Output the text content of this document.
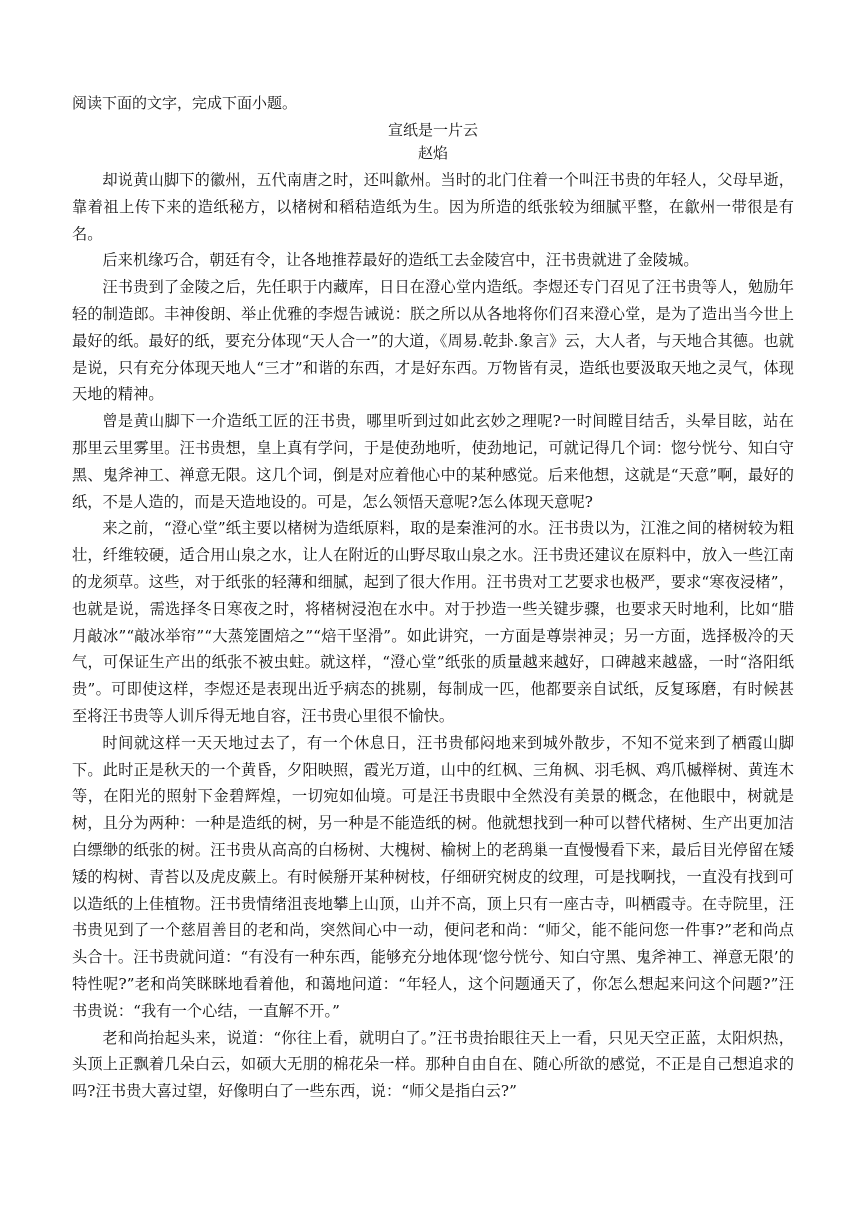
阅读下面的文字，完成下面小题。

宣纸是一片云

赵焰

却说黄山脚下的徽州，五代南唐之时，还叫歙州。当时的北门住着一个叫汪书贵的年轻人，父母早逝，靠着祖上传下来的造纸秘方，以楮树和稻秸造纸为生。因为所造的纸张较为细腻平整，在歙州一带很是有名。

后来机缘巧合，朝廷有令，让各地推荐最好的造纸工去金陵宫中，汪书贵就进了金陵城。

汪书贵到了金陵之后，先任职于内藏库，日日在澄心堂内造纸。李煜还专门召见了汪书贵等人，勉励年轻的制造郎。丰神俊朗、举止优雅的李煜告诫说：朕之所以从各地将你们召来澄心堂，是为了造出当今世上最好的纸。最好的纸，要充分体现“天人合一”的大道，《周易.乾卦.象言》云，大人者，与天地合其德。也就是说，只有充分体现天地人“三才”和谐的东西，才是好东西。万物皆有灵，造纸也要汲取天地之灵气，体现天地的精神。

曾是黄山脚下一介造纸工匠的汪书贵，哪里听到过如此玄妙之理呢?一时间瞠目结舌，头晕目眩，站在那里云里雾里。汪书贵想，皇上真有学问，于是使劲地听，使劲地记，可就记得几个词：惚兮恍兮、知白守黑、鬼斧神工、禅意无限。这几个词，倒是对应着他心中的某种感觉。后来他想，这就是“天意”啊，最好的纸，不是人造的，而是天造地设的。可是，怎么领悟天意呢?怎么体现天意呢?

来之前，“澄心堂”纸主要以楮树为造纸原料，取的是秦淮河的水。汪书贵以为，江淮之间的楮树较为粗壮，纤维较硬，适合用山泉之水，让人在附近的山野尽取山泉之水。汪书贵还建议在原料中，放入一些江南的龙须草。这些，对于纸张的轻薄和细腻，起到了很大作用。汪书贵对工艺要求也极严，要求“寒夜浸楮”，也就是说，需选择冬日寒夜之时，将楮树浸泡在水中。对于抄造一些关键步骤，也要求天时地利，比如“腊月敲冰”“敲冰举帘”“大蒸笼圊焙之”“焙干坚滑”。如此讲究，一方面是尊崇神灵；另一方面，选择极冷的天气，可保证生产出的纸张不被虫蛀。就这样，“澄心堂”纸张的质量越来越好，口碑越来越盛，一时“洛阳纸贵”。可即使这样，李煜还是表现出近乎病态的挑剔，每制成一匹，他都要亲自试纸，反复琢磨，有时候甚至将汪书贵等人训斥得无地自容，汪书贵心里很不愉快。

时间就这样一天天地过去了，有一个休息日，汪书贵郁闷地来到城外散步，不知不觉来到了栖霞山脚下。此时正是秋天的一个黄昏，夕阳映照，霞光万道，山中的红枫、三角枫、羽毛枫、鸡爪槭榉树、黄连木等，在阳光的照射下金碧辉煌，一切宛如仙境。可是汪书贵眼中全然没有美景的概念，在他眼中，树就是树，且分为两种：一种是造纸的树，另一种是不能造纸的树。他就想找到一种可以替代楮树、生产出更加洁白缥缈的纸张的树。汪书贵从高高的白杨树、大槐树、榆树上的老鸹巢一直慢慢看下来，最后目光停留在矮矮的构树、青苔以及虎皮蕨上。有时候掰开某种树枝，仔细研究树皮的纹理，可是找啊找，一直没有找到可以造纸的上佳植物。汪书贵情绪沮丧地攀上山顶，山并不高，顶上只有一座古寺，叫栖霞寺。在寺院里，汪书贵见到了一个慈眉善目的老和尚，突然间心中一动，便问老和尚：“师父，能不能问您一件事?”老和尚点头合十。汪书贵就问道：“有没有一种东西，能够充分地体现‘惚兮恍兮、知白守黑、鬼斧神工、禅意无限’的特性呢?”老和尚笑眯眯地看着他，和蔼地问道：“年轻人，这个问题通天了，你怎么想起来问这个问题?”汪书贵说：“我有一个心结，一直解不开。”

老和尚抬起头来，说道：“你往上看，就明白了。”汪书贵抬眼往天上一看，只见天空正蓝，太阳炽热，头顶上正飘着几朵白云，如硕大无朋的棉花朵一样。那种自由自在、随心所欲的感觉，不正是自己想追求的吗?汪书贵大喜过望，好像明白了一些东西，说：“师父是指白云?”
